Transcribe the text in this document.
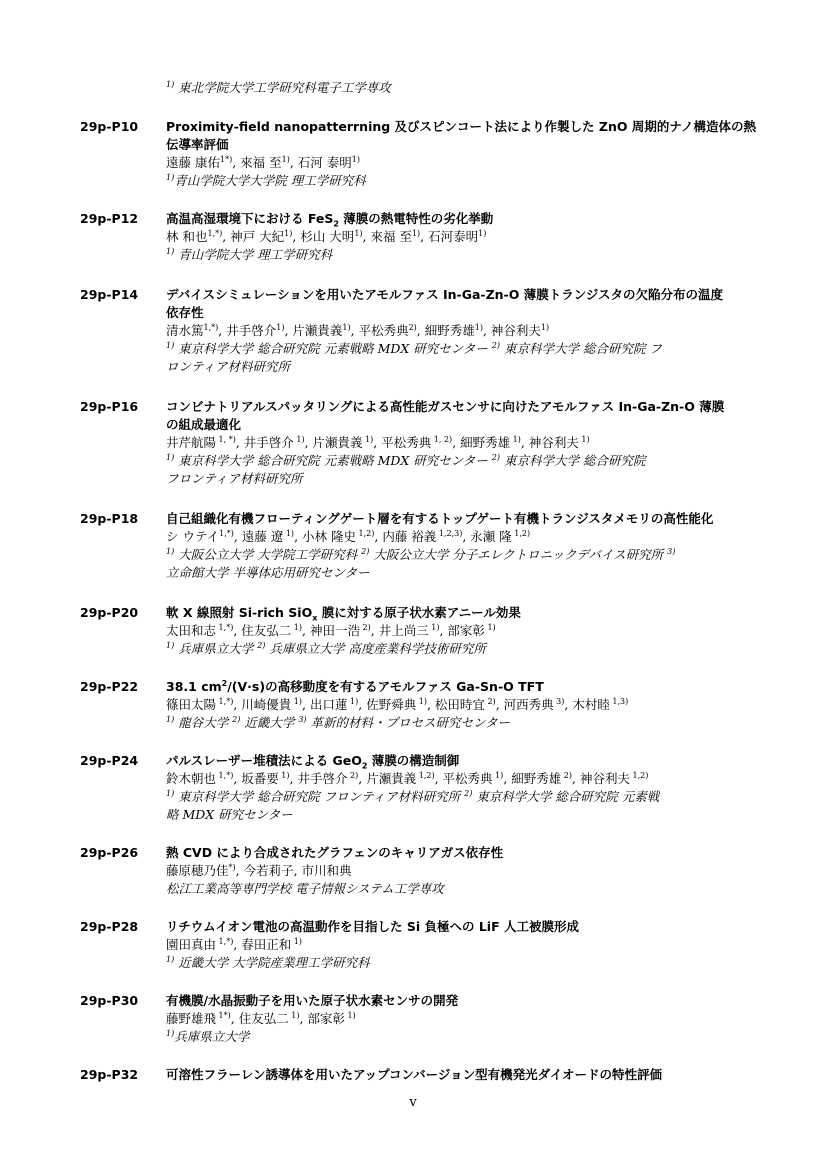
$^{1)}$ 東北学院大学工学研究科電子工学専攻
29p-P10 Proximity-field nanopatterrning 及びスピンコート法により作製した ZnO 周期的ナノ構造体の熱
伝導率評価
遠藤 康佑$^{1*)}$, 來福 至$^{1)}$, 石河 泰明$^{1)}$
$^{1)}$青山学院大学大学院 理工学研究科
29p-P12 高温高湿環境下における FeS$_2$ 薄膜の熱電特性の劣化挙動
林 和也$^{1,*)}$, 神戸 大紀$^{1)}$, 杉山 大明$^{1)}$, 來福 至$^{1)}$, 石河泰明$^{1)}$
$^{1)}$ 青山学院大学 理工学研究科
29p-P14 デバイスシミュレーションを用いたアモルファス In-Ga-Zn-O 薄膜トランジスタの欠陥分布の温度
依存性
清水篤$^{1,*)}$, 井手啓介$^{1)}$, 片瀬貴義$^{1)}$, 平松秀典$^{2)}$, 細野秀雄$^{1)}$, 神谷利夫$^{1)}$
$^{1)}$ 東京科学大学 総合研究院 元素戦略 MDX 研究センター $^{2)}$ 東京科学大学 総合研究院 フ
ロンティア材料研究所
29p-P16 コンビナトリアルスパッタリングによる高性能ガスセンサに向けたアモルファス In-Ga-Zn-O 薄膜
の組成最適化
井芹航陽 $^{1, *)}$, 井手啓介 $^{1)}$, 片瀬貴義 $^{1)}$, 平松秀典 $^{1, 2)}$, 細野秀雄 $^{1)}$, 神谷利夫 $^{1)}$
$^{1)}$ 東京科学大学 総合研究院 元素戦略 MDX 研究センター $^{2)}$ 東京科学大学 総合研究院
フロンティア材料研究所
29p-P18 自己組織化有機フローティングゲート層を有するトップゲート有機トランジスタメモリの高性能化
シ ウテイ$^{1,*)}$, 遠藤 遼 $^{1)}$, 小林 隆史 $^{1,2)}$, 内藤 裕義 $^{1,2,3)}$, 永瀬 隆 $^{1,2)}$
$^{1)}$ 大阪公立大学 大学院工学研究科 $^{2)}$ 大阪公立大学 分子エレクトロニックデバイス研究所 $^{3)}$
立命館大学 半導体応用研究センター
29p-P20 軟 X 線照射 Si-rich SiO$_x$ 膜に対する原子状水素アニール効果
太田和志 $^{1,*)}$, 住友弘二 $^{1)}$, 神田一浩 $^{2)}$, 井上尚三 $^{1)}$, 部家彰 $^{1)}$
$^{1)}$ 兵庫県立大学 $^{2)}$ 兵庫県立大学 高度産業科学技術研究所
29p-P22 38.1 $cm^2/(V\cdot s)$の高移動度を有するアモルファス Ga-Sn-O TFT
篠田太陽 $^{1,*)}$, 川崎優貴 $^{1)}$, 出口蓮 $^{1)}$, 佐野舜典 $^{1)}$, 松田時宜 $^{2)}$, 河西秀典 $^{3)}$, 木村睦 $^{1,3)}$
$^{1)}$ 龍谷大学 $^{2)}$ 近畿大学 $^{3)}$ 革新的材料・プロセス研究センター
29p-P24 パルスレーザー堆積法による GeO$_2$ 薄膜の構造制御
鈴木朝也 $^{1,*)}$, 坂番要 $^{1)}$, 井手啓介 $^{2)}$, 片瀬貴義 $^{1,2)}$, 平松秀典 $^{1)}$, 細野秀雄 $^{2)}$, 神谷利夫 $^{1,2)}$
$^{1)}$ 東京科学大学 総合研究院 フロンティア材料研究所 $^{2)}$ 東京科学大学 総合研究院 元素戦
略 MDX 研究センター
29p-P26 熱 CVD により合成されたグラフェンのキャリアガス依存性
藤原穂乃佳*), 今若莉子, 市川和典
松江工業高等専門学校 電子情報システム工学専攻
29p-P28 リチウムイオン電池の高温動作を目指した Si 負極への LiF 人工被膜形成
園田真由 $^{1,*)}$, 春田正和 $^{1)}$
$^{1)}$ 近畿大学 大学院産業理工学研究科
29p-P30 有機膜/水晶振動子を用いた原子状水素センサの開発
藤野雄飛 $^{1*)}$, 住友弘二 $^{1)}$, 部家彰 $^{1)}$
$^{1)}$兵庫県立大学
29p-P32 可溶性フラーレン誘導体を用いたアップコンバージョン型有機発光ダイオードの特性評価
v
